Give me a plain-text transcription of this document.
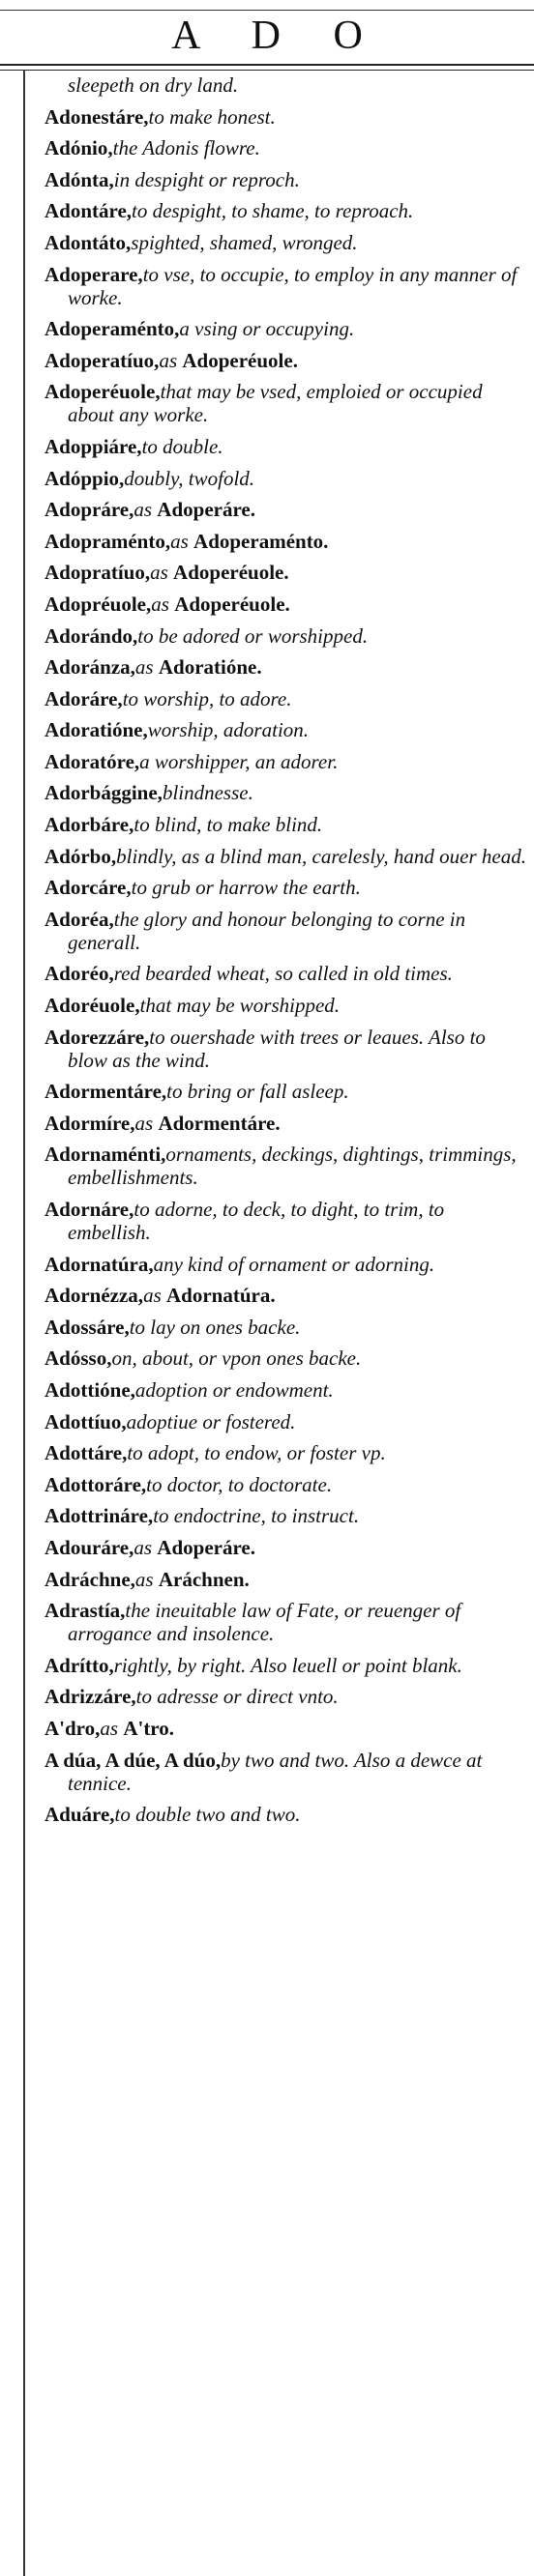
A D O
sleepeth on dry land.
Adonestáre,to make honest.
Adónio,the Adonis flowre.
Adónta,in despight or reproch.
Adontáre,to despight, to shame, to reproach.
Adontáto,spighted, shamed, wronged.
Adoperare,to vse, to occupie, to employ in any manner of worke.
Adoperaménto,a vsing or occupying.
Adoperatíuo,as Adoperéuole.
Adoperéuole,that may be vsed, emploied or occupied about any worke.
Adoppiáre,to double.
Adóppio,doubly, twofold.
Adopráre,as Adoperáre.
Adopraménto,as Adoperaménto.
Adopratíuo,as Adoperéuole.
Adopréuole,as Adoperéuole.
Adorándo,to be adored or worshipped.
Adoránza,as Adoratióne.
Adoráre,to worship, to adore.
Adoratióne,worship, adoration.
Adoratóre,a worshipper, an adorer.
Adorbággine,blindnesse.
Adorbáre,to blind, to make blind.
Adórbo,blindly, as a blind man, carelesly, hand ouer head.
Adorcáre,to grub or harrow the earth.
Adoréa,the glory and honour belonging to corne in generall.
Adoréo,red bearded wheat, so called in old times.
Adoréuole,that may be worshipped.
Adorezzáre,to ouershade with trees or leaues. Also to blow as the wind.
Adormentáre,to bring or fall asleep.
Adormíre,as Adormentáre.
Adornaménti,ornaments, deckings, dightings, trimmings, embellishments.
Adornáre,to adorne, to deck, to dight, to trim, to embellish.
Adornatúra,any kind of ornament or adorning.
Adornézza,as Adornatúra.
Adossáre,to lay on ones backe.
Adósso,on, about, or vpon ones backe.
Adottióne,adoption or endowment.
Adottíuo,adoptiue or fostered.
Adottáre,to adopt, to endow, or foster vp.
Adottoráre,to doctor, to doctorate.
Adottrináre,to endoctrine, to instruct.
Adouráre,as Adoperáre.
Adráchne,as Aráchnen.
Adrastía,the ineuitable law of Fate, or reuenger of arrogance and insolence.
Adrítto,rightly, by right. Also leuell or point blank.
Adrizzáre,to adresse or direct vnto.
A'dro,as A'tro.
A dúa, A dúe, A dúo,by two and two. Also a dewce at tennice.
Aduáre,to double two and two.
